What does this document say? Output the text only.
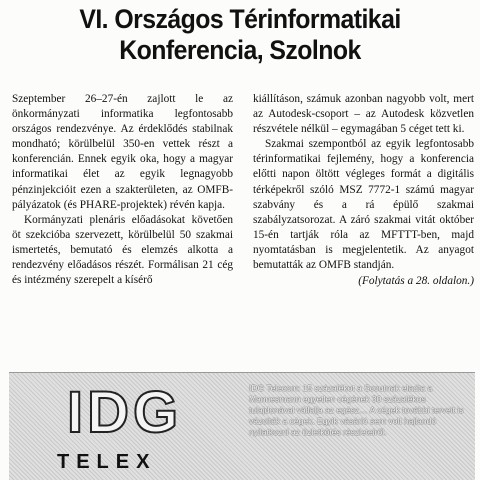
VI. Országos Térinformatikai
Konferencia, Szolnok

Szeptember 26–27-én zajlott le az önkormányzati informatika legfontosabb országos rendezvénye. Az érdeklődés stabilnak mondható; körülbelül 350-en vettek részt a konferencián. Ennek egyik oka, hogy a magyar informatikai élet az egyik legnagyobb pénzinjekcióit ezen a szakterületen, az OMFB-pályázatok (és PHARE-projektek) révén kapja.

Kormányzati plenáris előadásokat követően öt szekcióba szervezett, körülbelül 50 szakmai ismertetés, bemutató és elemzés alkotta a rendezvény előadásos részét. Formálisan 21 cég és intézmény szerepelt a kísérő

kiállításon, számuk azonban nagyobb volt, mert az Autodesk-csoport – az Autodesk közvetlen részvétele nélkül – egymagában 5 céget tett ki.

Szakmai szempontból az egyik legfontosabb térinformatikai fejlemény, hogy a konferencia előtti napon öltött végleges formát a digitális térképekről szóló MSZ 7772-1 számú magyar szabvány és a rá épülő szakmai szabályzatsorozat. A záró szakmai vitát október 15-én tartják róla az MFTTT-ben, majd nyomtatásban is megjelentetik. Az anyagot bemutatták az OMFB standján.

(Folytatás a 28. oldalon.)
IDG
TELEX
IDG Telecom: 15 százalékot a Scoutnak eladta a Mannesmann egyetlen cégének 30 százalékos tulajdonával vállalja az egész… A cégek további terveit is vázolták a cégek. Egyik vásárló sem volt hajlandó nyilatkozni az üzletkötés részleteiről.
